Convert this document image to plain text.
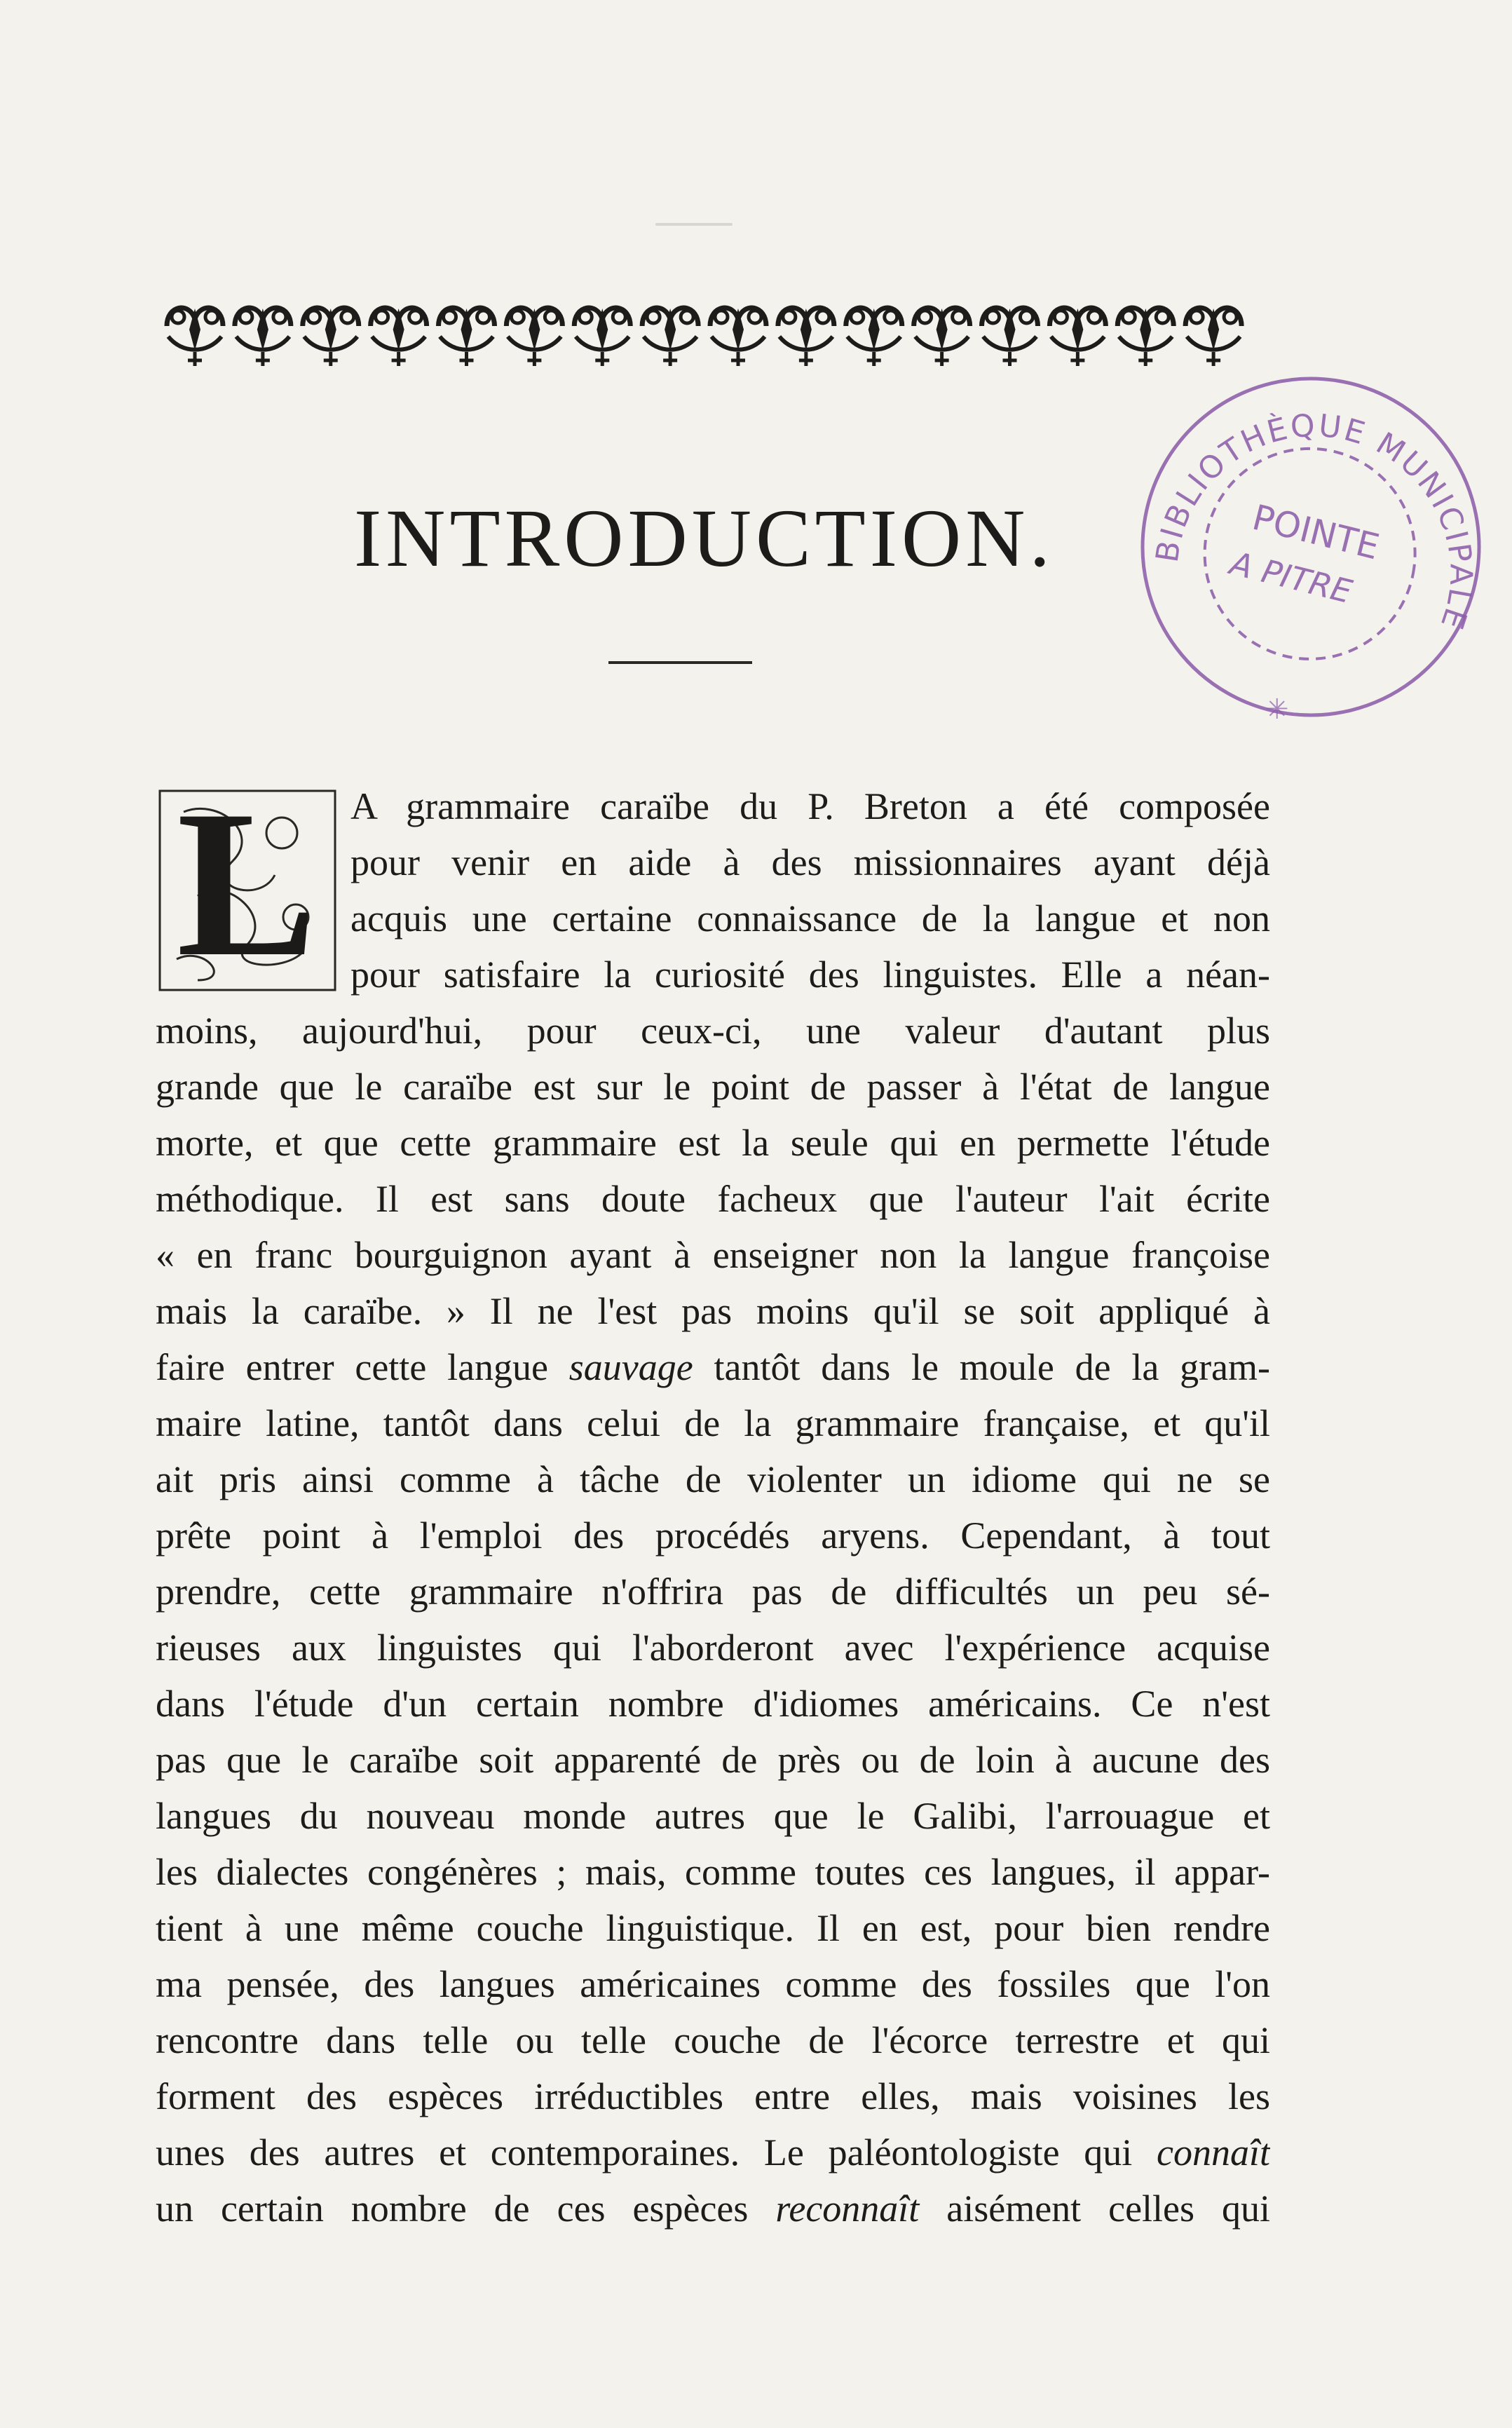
INTRODUCTION.	BIBLIOTHÈQUE MUNICIPALE
POINTE
A PITRE
✳
L A grammaire caraïbe du P. Breton a été composée
pour venir en aide à des missionnaires ayant déjà
acquis une certaine connaissance de la langue et non
pour satisfaire la curiosité des linguistes. Elle a néan-
moins, aujourd'hui, pour ceux-ci, une valeur d'autant plus
grande que le caraïbe est sur le point de passer à l'état de langue
morte, et que cette grammaire est la seule qui en permette l'étude
méthodique. Il est sans doute facheux que l'auteur l'ait écrite
« en franc bourguignon ayant à enseigner non la langue françoise
mais la caraïbe. » Il ne l'est pas moins qu'il se soit appliqué à
faire entrer cette langue sauvage tantôt dans le moule de la gram-
maire latine, tantôt dans celui de la grammaire française, et qu'il
ait pris ainsi comme à tâche de violenter un idiome qui ne se
prête point à l'emploi des procédés aryens. Cependant, à tout
prendre, cette grammaire n'offrira pas de difficultés un peu sé-
rieuses aux linguistes qui l'aborderont avec l'expérience acquise
dans l'étude d'un certain nombre d'idiomes américains. Ce n'est
pas que le caraïbe soit apparenté de près ou de loin à aucune des
langues du nouveau monde autres que le Galibi, l'arrouague et
les dialectes congénères ; mais, comme toutes ces langues, il appar-
tient à une même couche linguistique. Il en est, pour bien rendre
ma pensée, des langues américaines comme des fossiles que l'on
rencontre dans telle ou telle couche de l'écorce terrestre et qui
forment des espèces irréductibles entre elles, mais voisines les
unes des autres et contemporaines. Le paléontologiste qui connaît
un certain nombre de ces espèces reconnaît aisément celles qui
